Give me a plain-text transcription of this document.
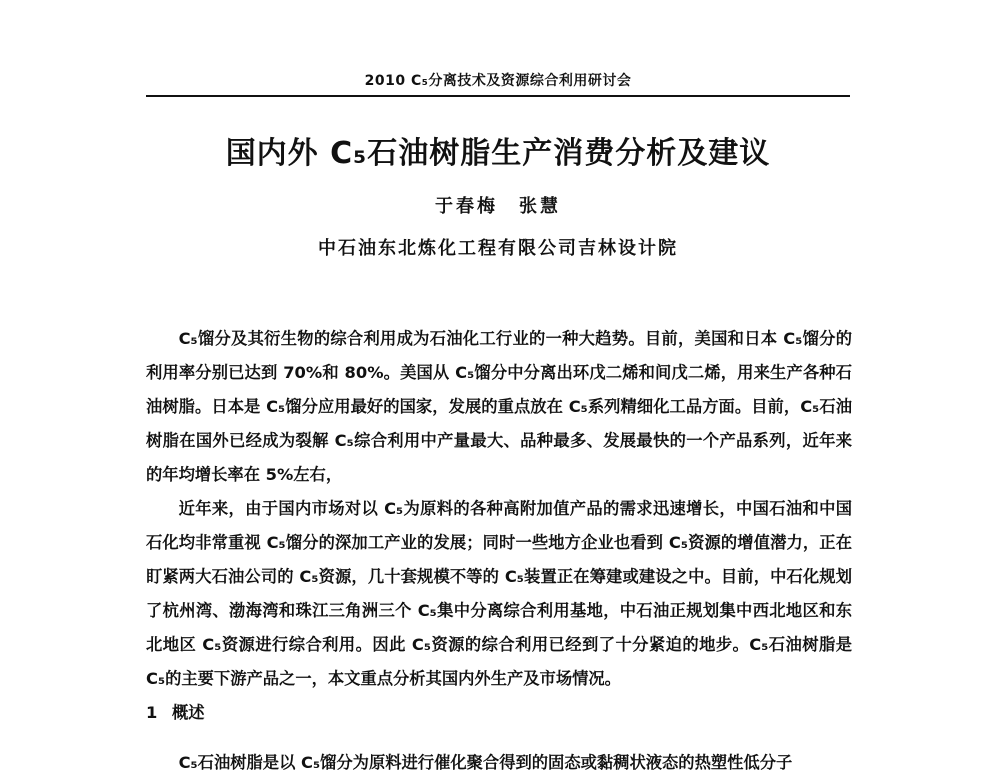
2010 C₅分离技术及资源综合利用研讨会
国内外 C₅石油树脂生产消费分析及建议
于春梅　张慧
中石油东北炼化工程有限公司吉林设计院

C₅馏分及其衍生物的综合利用成为石油化工行业的一种大趋势。目前，美国和日本 C₅馏分的利用率分别已达到 70%和 80%。美国从 C₅馏分中分离出环戊二烯和间戊二烯，用来生产各种石油树脂。日本是 C₅馏分应用最好的国家，发展的重点放在 C₅系列精细化工品方面。目前，C₅石油树脂在国外已经成为裂解 C₅综合利用中产量最大、品种最多、发展最快的一个产品系列，近年来的年均增长率在 5%左右，

近年来，由于国内市场对以 C₅为原料的各种高附加值产品的需求迅速增长，中国石油和中国石化均非常重视 C₅馏分的深加工产业的发展；同时一些地方企业也看到 C₅资源的增值潜力，正在盯紧两大石油公司的 C₅资源，几十套规模不等的 C₅装置正在筹建或建设之中。目前，中石化规划了杭州湾、渤海湾和珠江三角洲三个 C₅集中分离综合利用基地，中石油正规划集中西北地区和东北地区 C₅资源进行综合利用。因此 C₅资源的综合利用已经到了十分紧迫的地步。C₅石油树脂是 C₅的主要下游产品之一，本文重点分析其国内外生产及市场情况。

1 概述

C₅石油树脂是以 C₅馏分为原料进行催化聚合得到的固态或黏稠状液态的热塑性低分子
